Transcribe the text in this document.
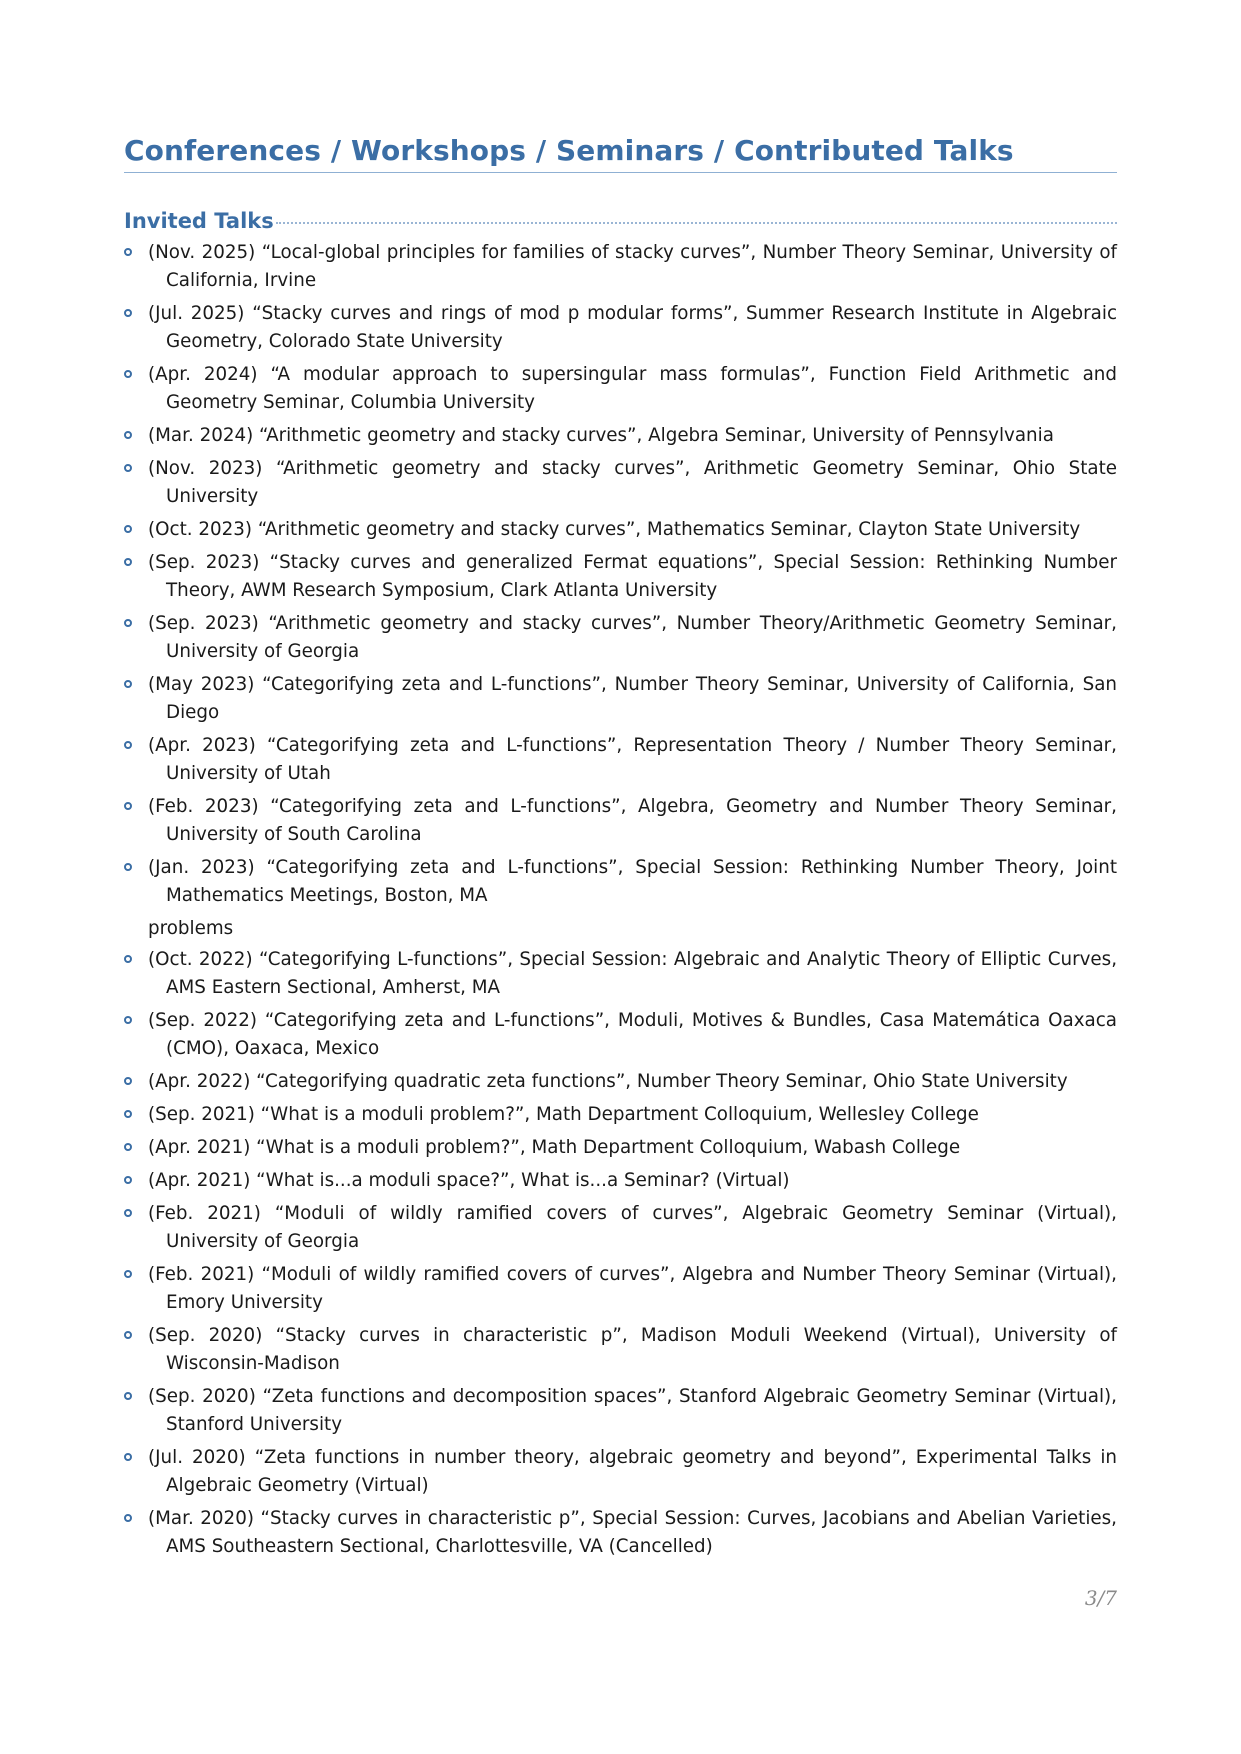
Conferences / Workshops / Seminars / Contributed Talks
Invited Talks
(Nov. 2025) “Local-global principles for families of stacky curves”, Number Theory Seminar, University of California, Irvine
(Jul. 2025) “Stacky curves and rings of mod p modular forms”, Summer Research Institute in Algebraic Geometry, Colorado State University
(Apr. 2024) “A modular approach to supersingular mass formulas”, Function Field Arithmetic and Geometry Seminar, Columbia University
(Mar. 2024) “Arithmetic geometry and stacky curves”, Algebra Seminar, University of Pennsylvania
(Nov. 2023) “Arithmetic geometry and stacky curves”, Arithmetic Geometry Seminar, Ohio State University
(Oct. 2023) “Arithmetic geometry and stacky curves”, Mathematics Seminar, Clayton State University
(Sep. 2023) “Stacky curves and generalized Fermat equations”, Special Session: Rethinking Number Theory, AWM Research Symposium, Clark Atlanta University
(Sep. 2023) “Arithmetic geometry and stacky curves”, Number Theory/Arithmetic Geometry Seminar, University of Georgia
(May 2023) “Categorifying zeta and L-functions”, Number Theory Seminar, University of California, San Diego
(Apr. 2023) “Categorifying zeta and L-functions”, Representation Theory / Number Theory Seminar, University of Utah
(Feb. 2023) “Categorifying zeta and L-functions”, Algebra, Geometry and Number Theory Seminar, University of South Carolina
(Jan. 2023) “Categorifying zeta and L-functions”, Special Session: Rethinking Number Theory, Joint Mathematics Meetings, Boston, MA
problems
(Oct. 2022) “Categorifying L-functions”, Special Session: Algebraic and Analytic Theory of Elliptic Curves, AMS Eastern Sectional, Amherst, MA
(Sep. 2022) “Categorifying zeta and L-functions”, Moduli, Motives & Bundles, Casa Matemática Oaxaca (CMO), Oaxaca, Mexico
(Apr. 2022) “Categorifying quadratic zeta functions”, Number Theory Seminar, Ohio State University
(Sep. 2021) “What is a moduli problem?”, Math Department Colloquium, Wellesley College
(Apr. 2021) “What is a moduli problem?”, Math Department Colloquium, Wabash College
(Apr. 2021) “What is...a moduli space?”, What is...a Seminar? (Virtual)
(Feb. 2021) “Moduli of wildly ramified covers of curves”, Algebraic Geometry Seminar (Virtual), University of Georgia
(Feb. 2021) “Moduli of wildly ramified covers of curves”, Algebra and Number Theory Seminar (Virtual), Emory University
(Sep. 2020) “Stacky curves in characteristic p”, Madison Moduli Weekend (Virtual), University of Wisconsin-Madison
(Sep. 2020) “Zeta functions and decomposition spaces”, Stanford Algebraic Geometry Seminar (Virtual), Stanford University
(Jul. 2020) “Zeta functions in number theory, algebraic geometry and beyond”, Experimental Talks in Algebraic Geometry (Virtual)
(Mar. 2020) “Stacky curves in characteristic p”, Special Session: Curves, Jacobians and Abelian Varieties, AMS Southeastern Sectional, Charlottesville, VA (Cancelled)
3/7
